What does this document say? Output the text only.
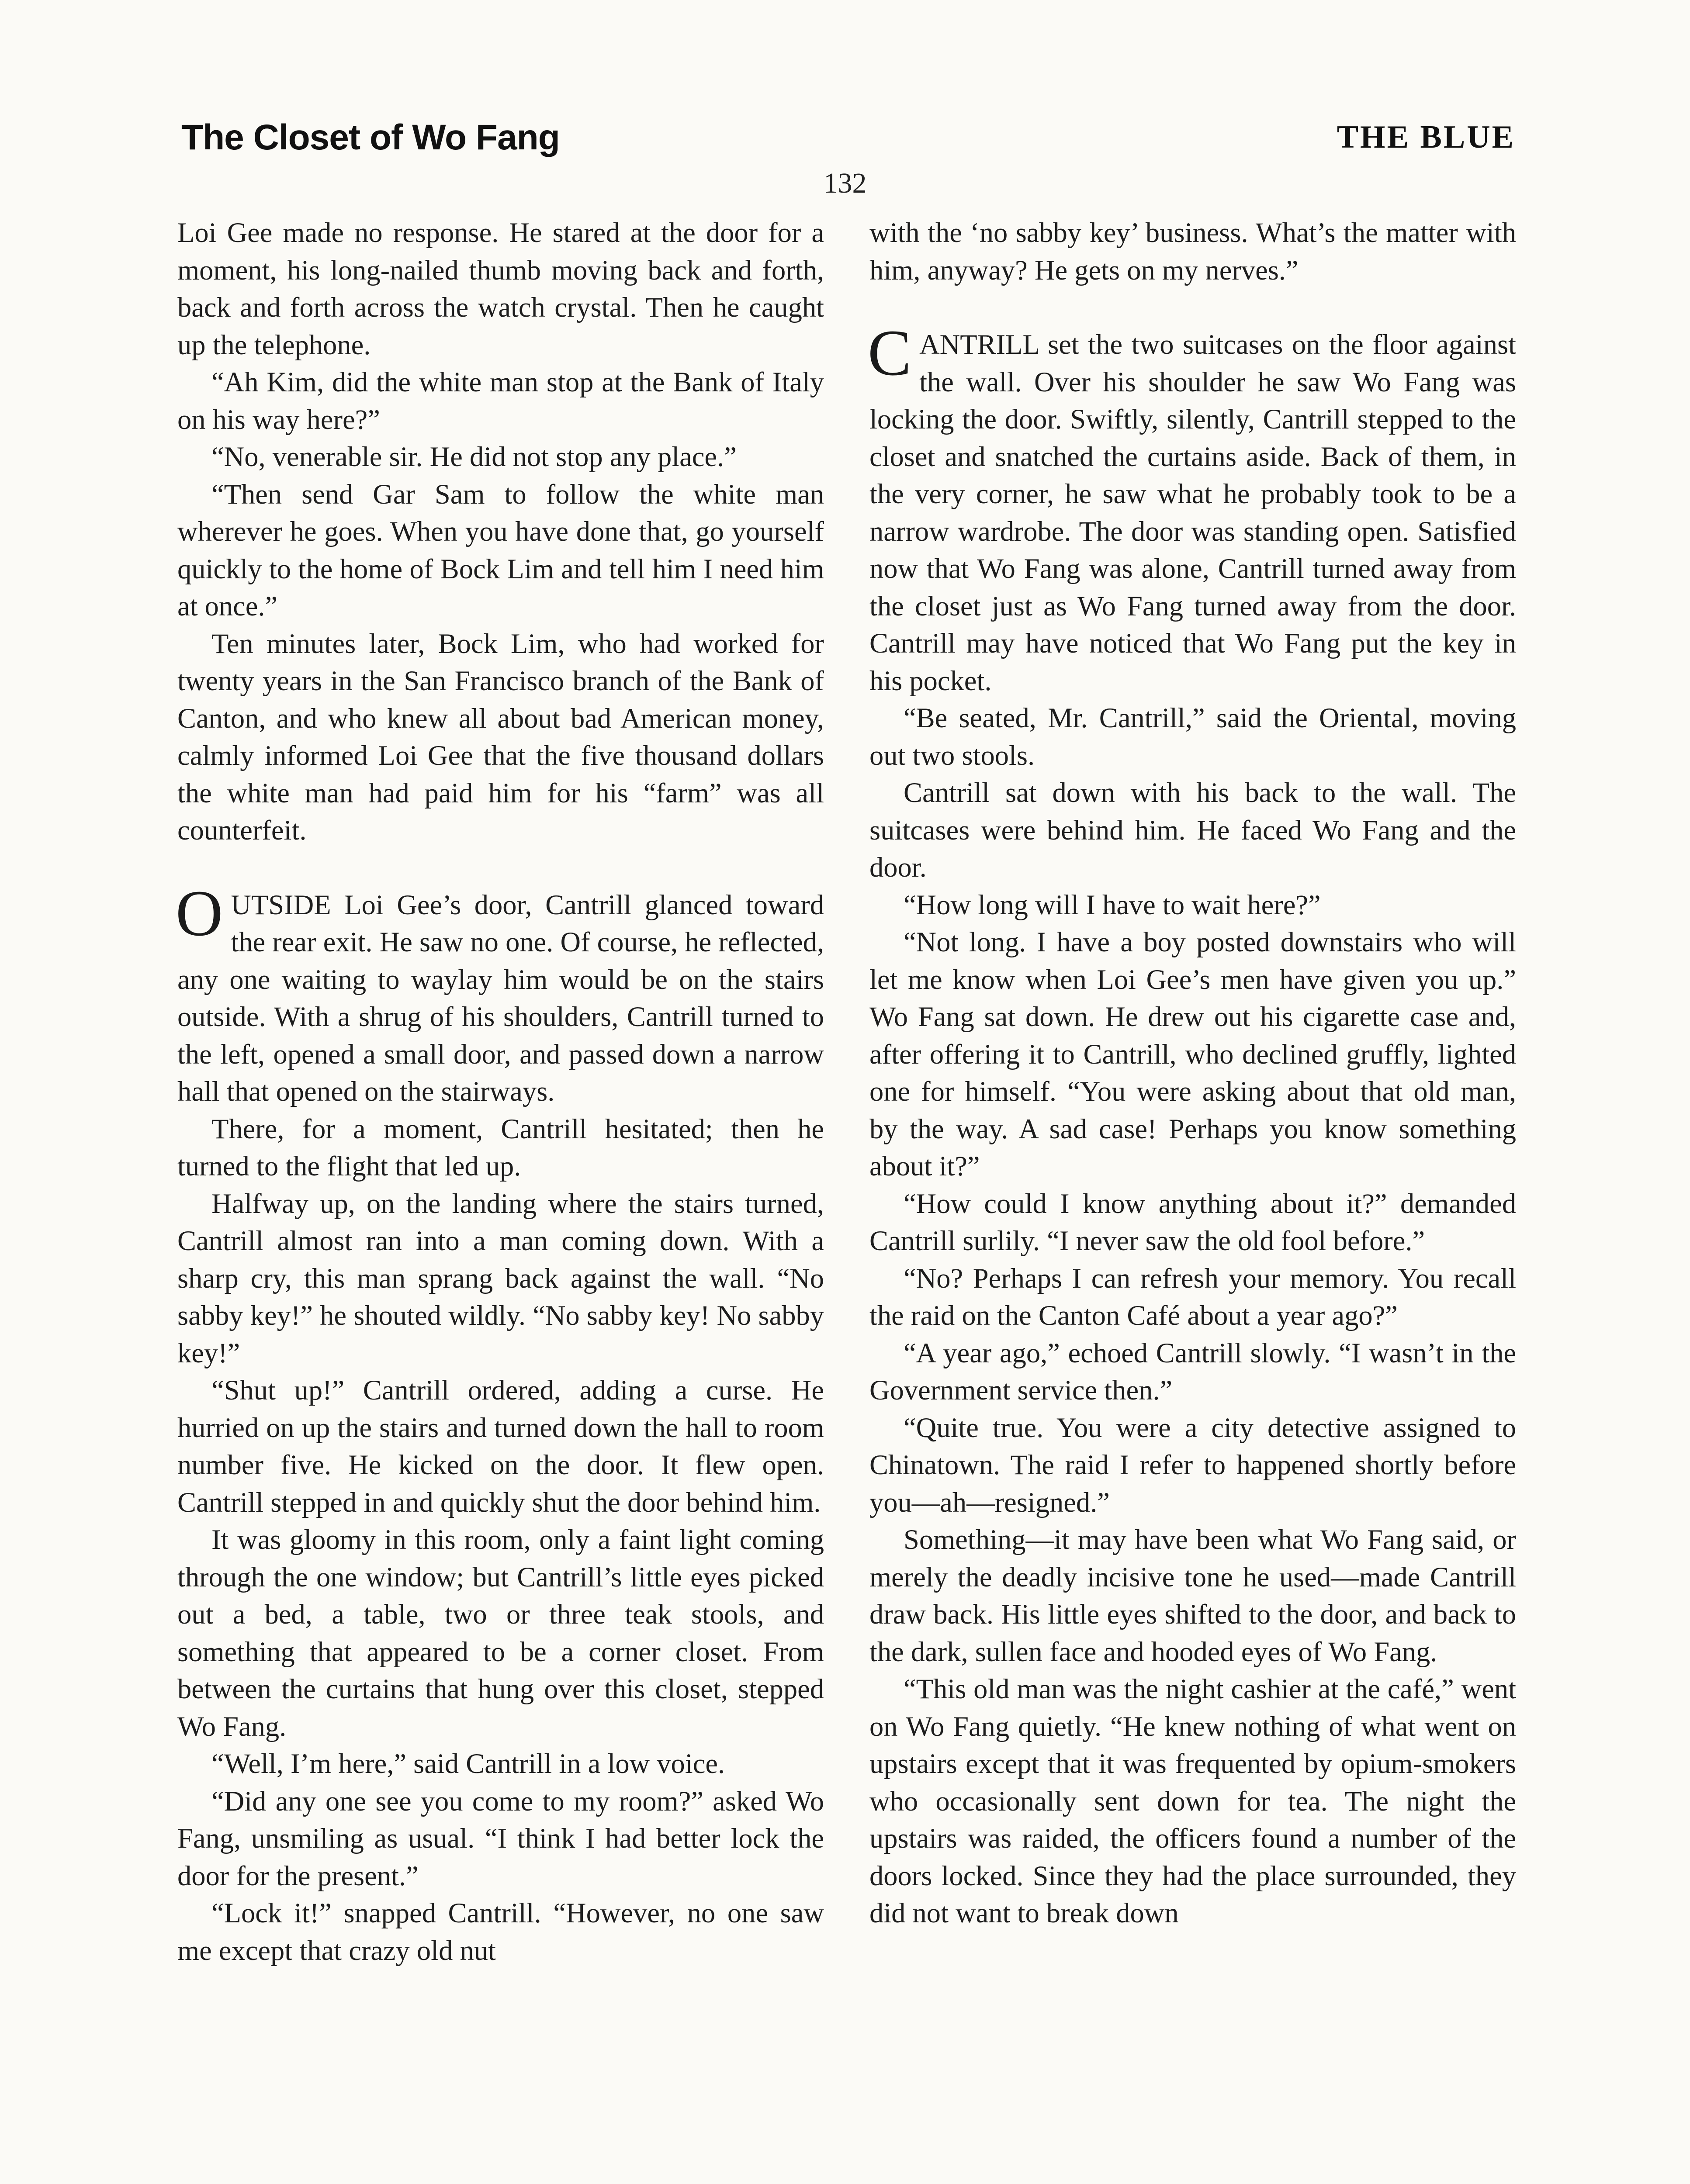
The Closet of Wo Fang	THE BLUE
132

Loi Gee made no response. He stared at the door for a moment, his long-nailed thumb moving back and forth, back and forth across the watch crystal. Then he caught up the telephone.

“Ah Kim, did the white man stop at the Bank of Italy on his way here?”

“No, venerable sir. He did not stop any place.”

“Then send Gar Sam to follow the white man wherever he goes. When you have done that, go yourself quickly to the home of Bock Lim and tell him I need him at once.”

Ten minutes later, Bock Lim, who had worked for twenty years in the San Francisco branch of the Bank of Canton, and who knew all about bad American money, calmly informed Loi Gee that the five thousand dollars the white man had paid him for his “farm” was all counterfeit.

OUTSIDE Loi Gee’s door, Cantrill glanced toward the rear exit. He saw no one. Of course, he reflected, any one waiting to waylay him would be on the stairs outside. With a shrug of his shoulders, Cantrill turned to the left, opened a small door, and passed down a narrow hall that opened on the stairways.

There, for a moment, Cantrill hesitated; then he turned to the flight that led up.

Halfway up, on the landing where the stairs turned, Cantrill almost ran into a man coming down. With a sharp cry, this man sprang back against the wall. “No sabby key!” he shouted wildly. “No sabby key! No sabby key!”

“Shut up!” Cantrill ordered, adding a curse. He hurried on up the stairs and turned down the hall to room number five. He kicked on the door. It flew open. Cantrill stepped in and quickly shut the door behind him.

It was gloomy in this room, only a faint light coming through the one window; but Cantrill’s little eyes picked out a bed, a table, two or three teak stools, and something that appeared to be a corner closet. From between the curtains that hung over this closet, stepped Wo Fang.

“Well, I’m here,” said Cantrill in a low voice.

“Did any one see you come to my room?” asked Wo Fang, unsmiling as usual. “I think I had better lock the door for the present.”

“Lock it!” snapped Cantrill. “However, no one saw me except that crazy old nut

with the ‘no sabby key’ business. What’s the matter with him, anyway? He gets on my nerves.”

CANTRILL set the two suitcases on the floor against the wall. Over his shoulder he saw Wo Fang was locking the door. Swiftly, silently, Cantrill stepped to the closet and snatched the curtains aside. Back of them, in the very corner, he saw what he probably took to be a narrow wardrobe. The door was standing open. Satisfied now that Wo Fang was alone, Cantrill turned away from the closet just as Wo Fang turned away from the door. Cantrill may have noticed that Wo Fang put the key in his pocket.

“Be seated, Mr. Cantrill,” said the Oriental, moving out two stools.

Cantrill sat down with his back to the wall. The suitcases were behind him. He faced Wo Fang and the door.

“How long will I have to wait here?”

“Not long. I have a boy posted downstairs who will let me know when Loi Gee’s men have given you up.” Wo Fang sat down. He drew out his cigarette case and, after offering it to Cantrill, who declined gruffly, lighted one for himself. “You were asking about that old man, by the way. A sad case! Perhaps you know something about it?”

“How could I know anything about it?” demanded Cantrill surlily. “I never saw the old fool before.”

“No? Perhaps I can refresh your memory. You recall the raid on the Canton Café about a year ago?”

“A year ago,” echoed Cantrill slowly. “I wasn’t in the Government service then.”

“Quite true. You were a city detective assigned to Chinatown. The raid I refer to happened shortly before you—ah—resigned.”

Something—it may have been what Wo Fang said, or merely the deadly incisive tone he used—made Cantrill draw back. His little eyes shifted to the door, and back to the dark, sullen face and hooded eyes of Wo Fang.

“This old man was the night cashier at the café,” went on Wo Fang quietly. “He knew nothing of what went on upstairs except that it was frequented by opium-smokers who occasionally sent down for tea. The night the upstairs was raided, the officers found a number of the doors locked. Since they had the place surrounded, they did not want to break down
